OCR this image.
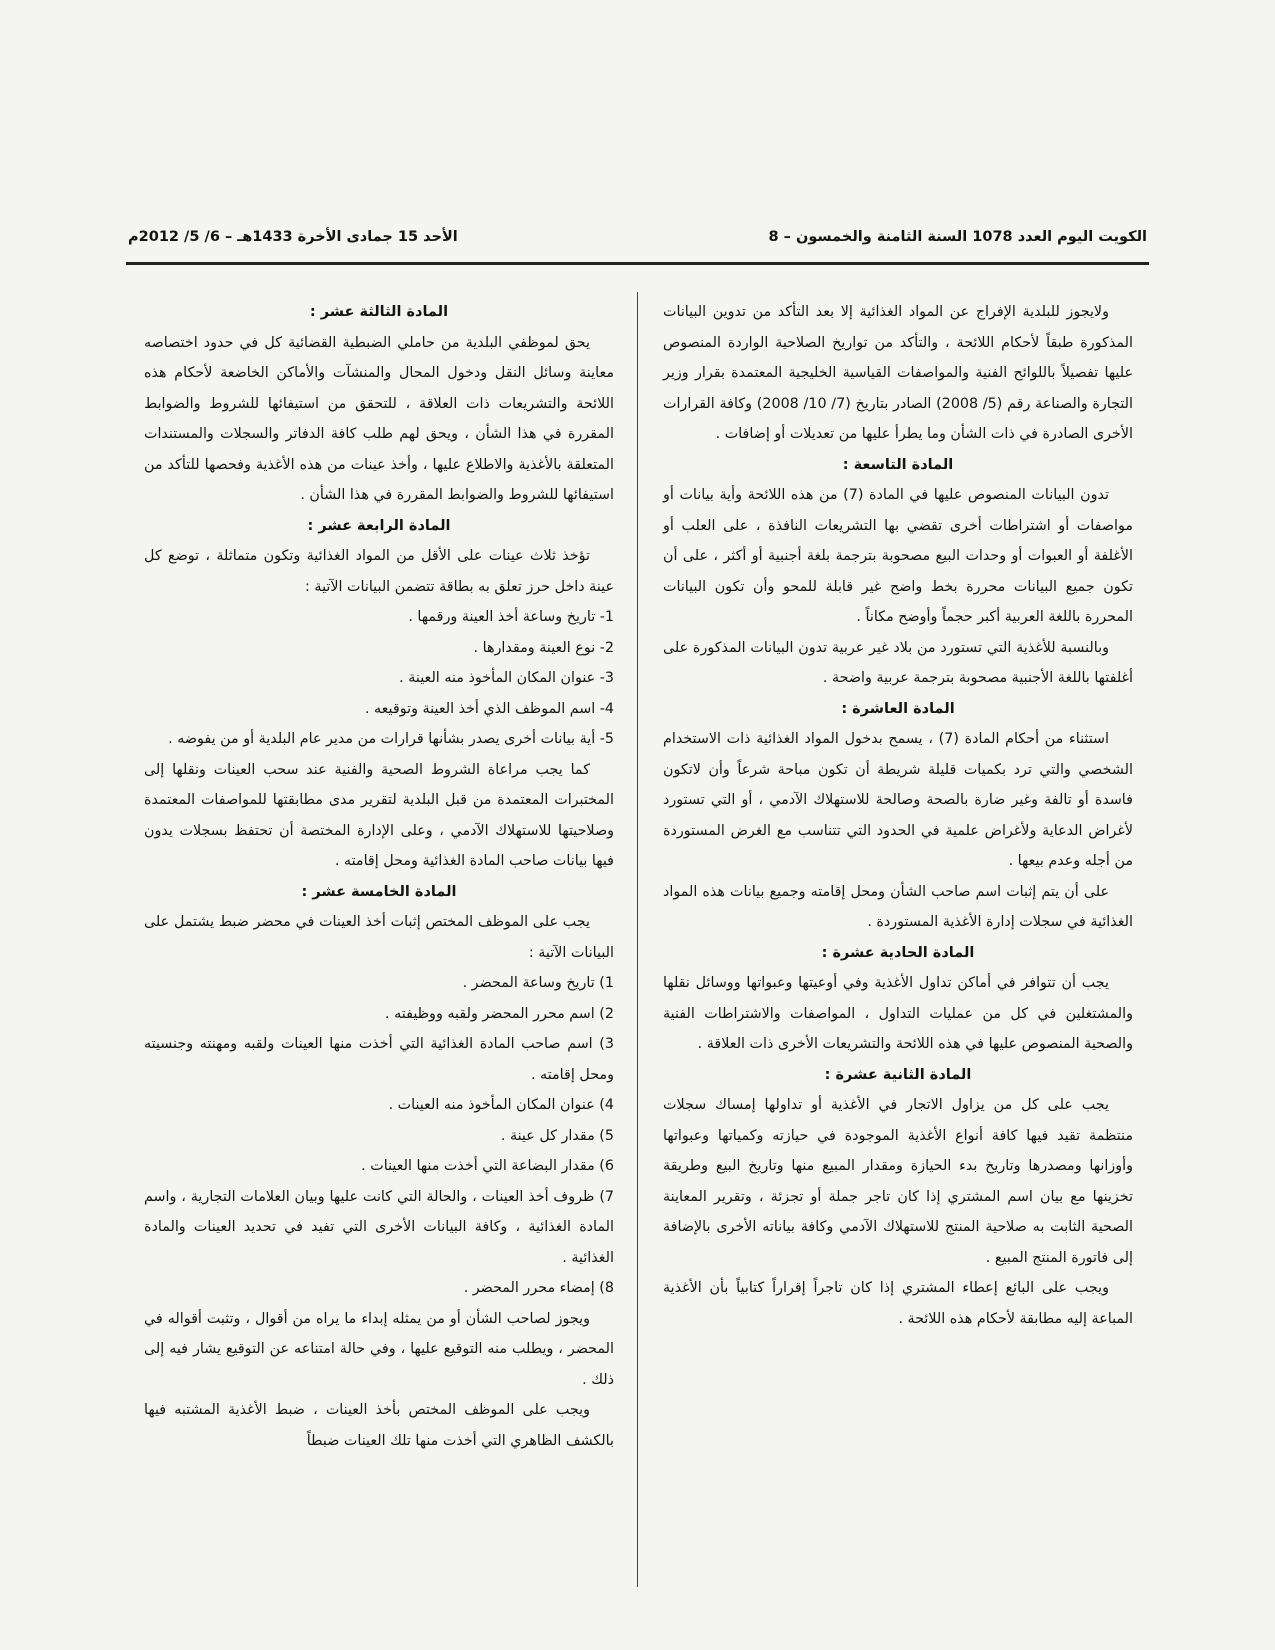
الكويت اليوم العدد 1078 السنة الثامنة والخمسون – 8
الأحد 15 جمادى الأخرة 1433هـ – 6/ 5/ 2012م
ولايجوز للبلدية الإفراج عن المواد الغذائية إلا بعد التأكد من تدوين البيانات المذكورة طبقاً لأحكام اللائحة ، والتأكد من تواريخ الصلاحية الواردة المنصوص عليها تفصيلاً باللوائح الفنية والمواصفات القياسية الخليجية المعتمدة بقرار وزير التجارة والصناعة رقم (5/ 2008) الصادر بتاريخ (7/ 10/ 2008) وكافة القرارات الأخرى الصادرة في ذات الشأن وما يطرأ عليها من تعديلات أو إضافات .
المادة التاسعة :
تدون البيانات المنصوص عليها في المادة (7) من هذه اللائحة وأية بيانات أو مواصفات أو اشتراطات أخرى تقضي بها التشريعات النافذة ، على العلب أو الأغلفة أو العبوات أو وحدات البيع مصحوبة بترجمة بلغة أجنبية أو أكثر ، على أن تكون جميع البيانات محررة بخط واضح غير قابلة للمحو وأن تكون البيانات المحررة باللغة العربية أكبر حجماً وأوضح مكاناً .
وبالنسبة للأغذية التي تستورد من بلاد غير عربية تدون البيانات المذكورة على أغلفتها باللغة الأجنبية مصحوبة بترجمة عربية واضحة .
المادة العاشرة :
استثناء من أحكام المادة (7) ، يسمح بدخول المواد الغذائية ذات الاستخدام الشخصي والتي ترد بكميات قليلة شريطة أن تكون مباحة شرعاً وأن لاتكون فاسدة أو تالفة وغير ضارة بالصحة وصالحة للاستهلاك الآدمي ، أو التي تستورد لأغراض الدعاية ولأغراض علمية في الحدود التي تتناسب مع الغرض المستوردة من أجله وعدم بيعها .
على أن يتم إثبات اسم صاحب الشأن ومحل إقامته وجميع بيانات هذه المواد الغذائية في سجلات إدارة الأغذية المستوردة .
المادة الحادية عشرة :
يجب أن تتوافر في أماكن تداول الأغذية وفي أوعيتها وعبواتها ووسائل نقلها والمشتغلين في كل من عمليات التداول ، المواصفات والاشتراطات الفنية والصحية المنصوص عليها في هذه اللائحة والتشريعات الأخرى ذات العلاقة .
المادة الثانية عشرة :
يجب على كل من يزاول الاتجار في الأغذية أو تداولها إمساك سجلات منتظمة تقيد فيها كافة أنواع الأغذية الموجودة في حيازته وكمياتها وعبواتها وأوزانها ومصدرها وتاريخ بدء الحيازة ومقدار المبيع منها وتاريخ البيع وطريقة تخزينها مع بيان اسم المشتري إذا كان تاجر جملة أو تجزئة ، وتقرير المعاينة الصحية الثابت به صلاحية المنتج للاستهلاك الآدمي وكافة بياناته الأخرى بالإضافة إلى فاتورة المنتج المبيع .
ويجب على البائع إعطاء المشتري إذا كان تاجراً إقراراً كتابياً بأن الأغذية المباعة إليه مطابقة لأحكام هذه اللائحة .
المادة الثالثة عشر :
يحق لموظفي البلدية من حاملي الضبطية القضائية كل في حدود اختصاصه معاينة وسائل النقل ودخول المحال والمنشآت والأماكن الخاضعة لأحكام هذه اللائحة والتشريعات ذات العلاقة ، للتحقق من استيفائها للشروط والضوابط المقررة في هذا الشأن ، ويحق لهم طلب كافة الدفاتر والسجلات والمستندات المتعلقة بالأغذية والاطلاع عليها ، وأخذ عينات من هذه الأغذية وفحصها للتأكد من استيفائها للشروط والضوابط المقررة في هذا الشأن .
المادة الرابعة عشر :
تؤخذ ثلاث عينات على الأقل من المواد الغذائية وتكون متماثلة ، توضع كل عينة داخل حرز تعلق به بطاقة تتضمن البيانات الآتية :
1- تاريخ وساعة أخذ العينة ورقمها .
2- نوع العينة ومقدارها .
3- عنوان المكان المأخوذ منه العينة .
4- اسم الموظف الذي أخذ العينة وتوقيعه .
5- أية بيانات أخرى يصدر بشأنها قرارات من مدير عام البلدية أو من يفوضه .
كما يجب مراعاة الشروط الصحية والفنية عند سحب العينات ونقلها إلى المختبرات المعتمدة من قبل البلدية لتقرير مدى مطابقتها للمواصفات المعتمدة وصلاحيتها للاستهلاك الآدمي ، وعلى الإدارة المختصة أن تحتفظ بسجلات يدون فيها بيانات صاحب المادة الغذائية ومحل إقامته .
المادة الخامسة عشر :
يجب على الموظف المختص إثبات أخذ العينات في محضر ضبط يشتمل على البيانات الآتية :
1) تاريخ وساعة المحضر .
2) اسم محرر المحضر ولقبه ووظيفته .
3) اسم صاحب المادة الغذائية التي أخذت منها العينات ولقبه ومهنته وجنسيته ومحل إقامته .
4) عنوان المكان المأخوذ منه العينات .
5) مقدار كل عينة .
6) مقدار البضاعة التي أخذت منها العينات .
7) ظروف أخذ العينات ، والحالة التي كانت عليها وبيان العلامات التجارية ، واسم المادة الغذائية ، وكافة البيانات الأخرى التي تفيد في تحديد العينات والمادة الغذائية .
8) إمضاء محرر المحضر .
ويجوز لصاحب الشأن أو من يمثله إبداء ما يراه من أقوال ، وتثبت أقواله في المحضر ، ويطلب منه التوقيع عليها ، وفي حالة امتناعه عن التوقيع يشار فيه إلى ذلك .
ويجب على الموظف المختص بأخذ العينات ، ضبط الأغذية المشتبه فيها بالكشف الظاهري التي أخذت منها تلك العينات ضبطاً
